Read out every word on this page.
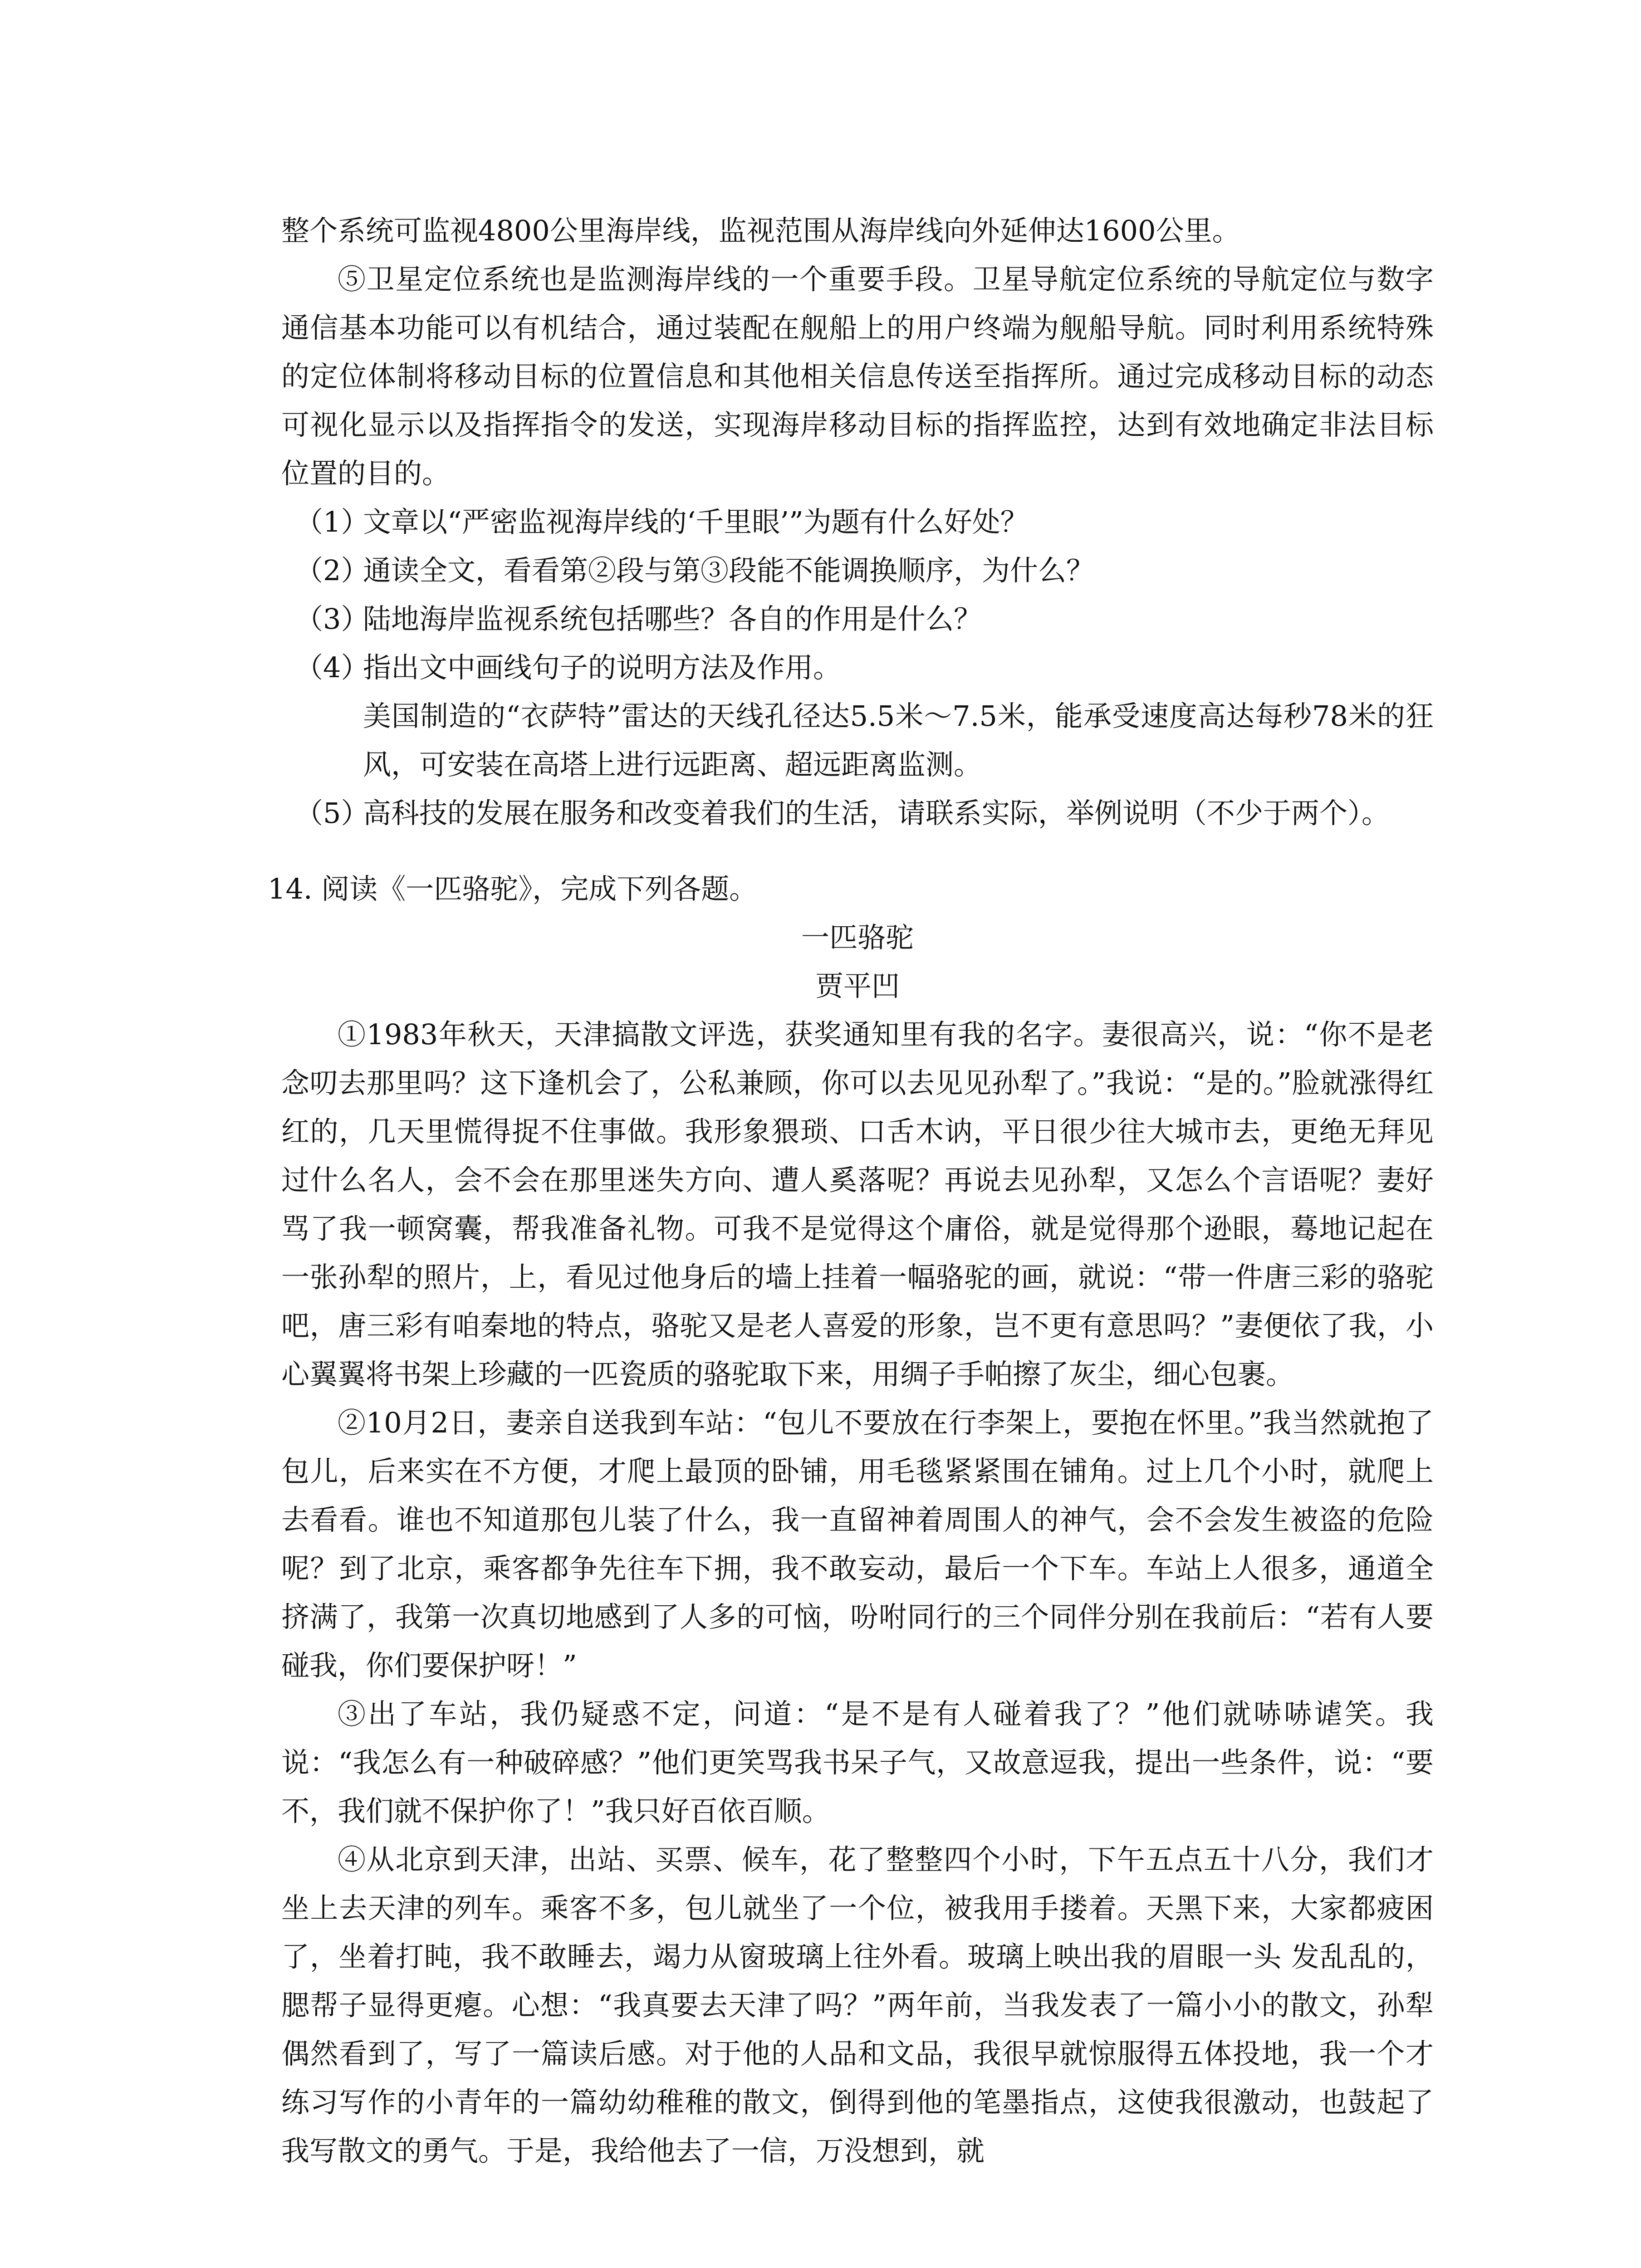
整个系统可监视4800公里海岸线，监视范围从海岸线向外延伸达1600公里。

⑤卫星定位系统也是监测海岸线的一个重要手段。卫星导航定位系统的导航定位与数字通信基本功能可以有机结合，通过装配在舰船上的用户终端为舰船导航。同时利用系统特殊的定位体制将移动目标的位置信息和其他相关信息传送至指挥所。通过完成移动目标的动态可视化显示以及指挥指令的发送，实现海岸移动目标的指挥监控，达到有效地确定非法目标位置的目的。

（1）文章以“严密监视海岸线的‘千里眼’”为题有什么好处？

（2）通读全文，看看第②段与第③段能不能调换顺序，为什么？

（3）陆地海岸监视系统包括哪些？各自的作用是什么？

（4）指出文中画线句子的说明方法及作用。

美国制造的“衣萨特”雷达的天线孔径达5.5米～7.5米，能承受速度高达每秒78米的狂风，可安装在高塔上进行远距离、超远距离监测。

（5）高科技的发展在服务和改变着我们的生活，请联系实际，举例说明（不少于两个）。

14. 阅读《一匹骆驼》，完成下列各题。

一匹骆驼

贾平凹

①1983年秋天，天津搞散文评选，获奖通知里有我的名字。妻很高兴，说：“你不是老念叨去那里吗？这下逢机会了，公私兼顾，你可以去见见孙犁了。”我说：“是的。”脸就涨得红红的，几天里慌得捉不住事做。我形象猥琐、口舌木讷，平日很少往大城市去，更绝无拜见过什么名人，会不会在那里迷失方向、遭人奚落呢？再说去见孙犁，又怎么个言语呢？妻好骂了我一顿窝囊，帮我准备礼物。可我不是觉得这个庸俗，就是觉得那个逊眼，蓦地记起在一张孙犁的照片，上，看见过他身后的墙上挂着一幅骆驼的画，就说：“带一件唐三彩的骆驼吧，唐三彩有咱秦地的特点，骆驼又是老人喜爱的形象，岂不更有意思吗？”妻便依了我，小心翼翼将书架上珍藏的一匹瓷质的骆驼取下来，用绸子手帕擦了灰尘，细心包裹。

②10月2日，妻亲自送我到车站：“包儿不要放在行李架上，要抱在怀里。”我当然就抱了包儿，后来实在不方便，才爬上最顶的卧铺，用毛毯紧紧围在铺角。过上几个小时，就爬上去看看。谁也不知道那包儿装了什么，我一直留神着周围人的神气，会不会发生被盗的危险呢？到了北京，乘客都争先往车下拥，我不敢妄动，最后一个下车。车站上人很多，通道全挤满了，我第一次真切地感到了人多的可恼，吩咐同行的三个同伴分别在我前后：“若有人要碰我，你们要保护呀！”

③出了车站，我仍疑惑不定，问道：“是不是有人碰着我了？”他们就哧哧谑笑。我说：“我怎么有一种破碎感？”他们更笑骂我书呆子气，又故意逗我，提出一些条件，说：“要不，我们就不保护你了！”我只好百依百顺。

④从北京到天津，出站、买票、候车，花了整整四个小时，下午五点五十八分，我们才坐上去天津的列车。乘客不多，包儿就坐了一个位，被我用手搂着。天黑下来，大家都疲困了，坐着打盹，我不敢睡去，竭力从窗玻璃上往外看。玻璃上映出我的眉眼一头 发乱乱的，腮帮子显得更瘪。心想：“我真要去天津了吗？”两年前，当我发表了一篇小小的散文，孙犁偶然看到了，写了一篇读后感。对于他的人品和文品，我很早就惊服得五体投地，我一个才练习写作的小青年的一篇幼幼稚稚的散文，倒得到他的笔墨指点，这使我很激动，也鼓起了我写散文的勇气。于是，我给他去了一信，万没想到，就
